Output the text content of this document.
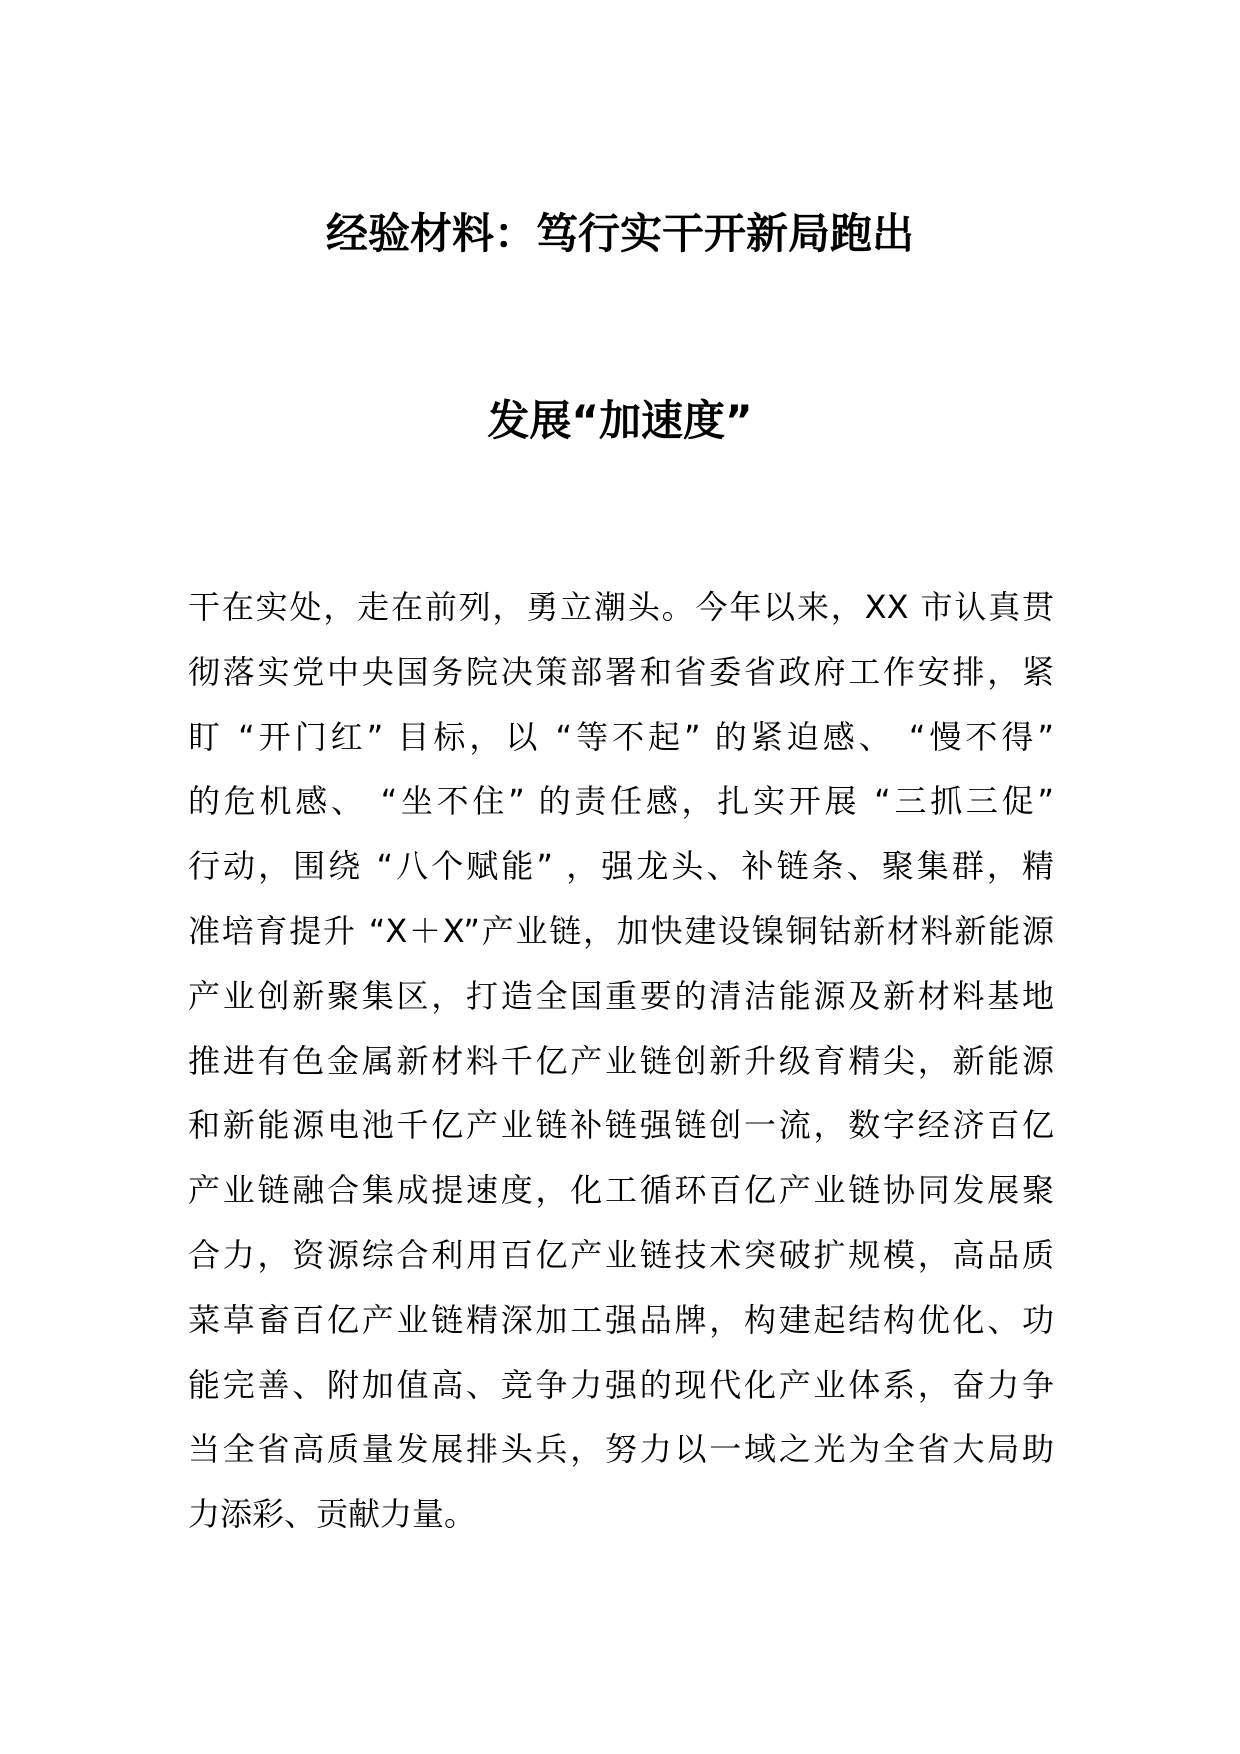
经验材料：笃行实干开新局跑出
发展“加速度”
干在实处，走在前列，勇立潮头。今年以来，XX 市认真贯
彻落实党中央国务院决策部署和省委省政府工作安排，紧
盯 “开门红” 目标，以 “等不起” 的紧迫感、 “慢不得”
的危机感、 “坐不住” 的责任感，扎实开展 “三抓三促”
行动，围绕 “八个赋能” ，强龙头、补链条、聚集群，精
准培育提升 “X＋X”产业链，加快建设镍铜钴新材料新能源
产业创新聚集区，打造全国重要的清洁能源及新材料基地
推进有色金属新材料千亿产业链创新升级育精尖，新能源
和新能源电池千亿产业链补链强链创一流，数字经济百亿
产业链融合集成提速度，化工循环百亿产业链协同发展聚
合力，资源综合利用百亿产业链技术突破扩规模，高品质
菜草畜百亿产业链精深加工强品牌，构建起结构优化、功
能完善、附加值高、竞争力强的现代化产业体系，奋力争
当全省高质量发展排头兵，努力以一域之光为全省大局助
力添彩、贡献力量。
